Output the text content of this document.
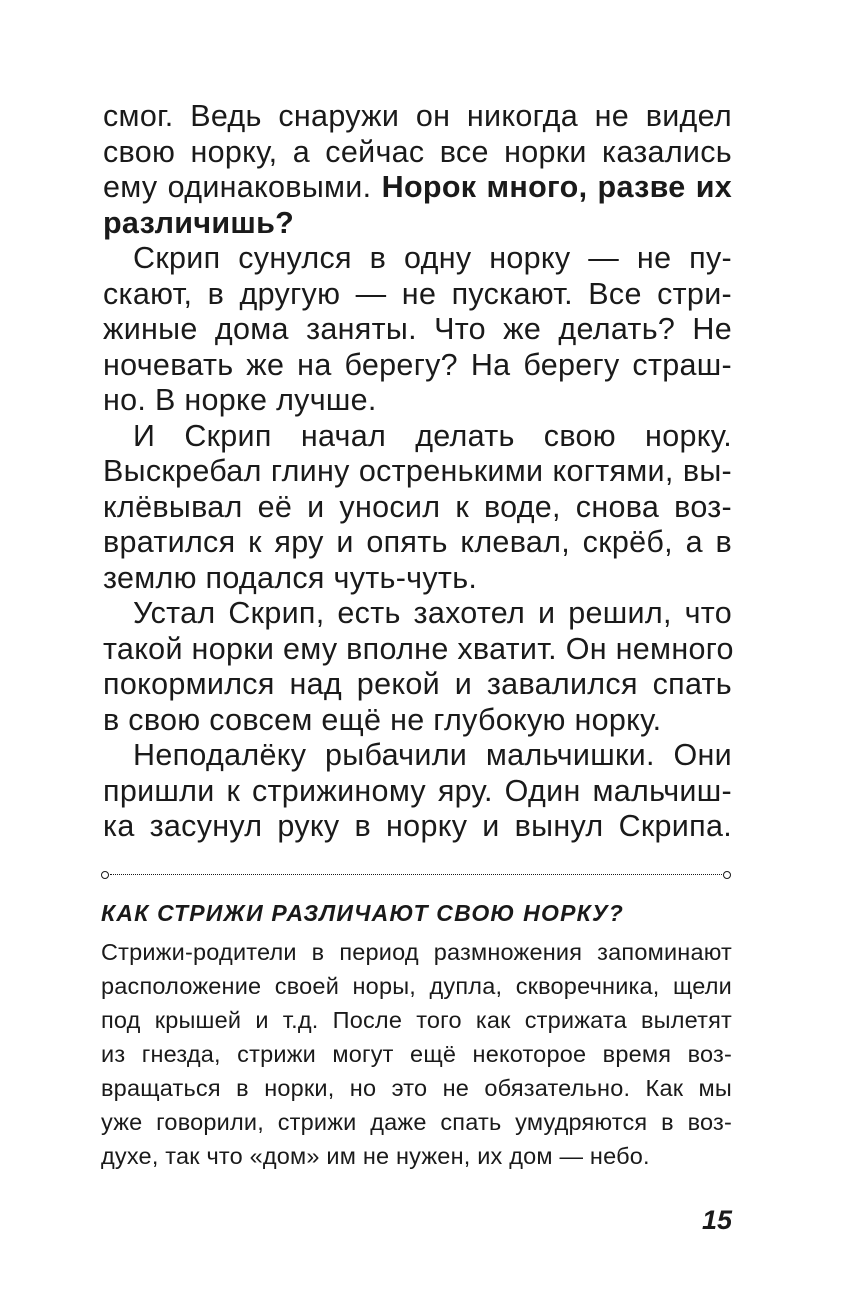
смог. Ведь снаружи он никогда не видел
свою норку, а сейчас все норки казались
ему одинаковыми. Норок много, разве их
различишь?
Скрип сунулся в одну норку — не пу-
скают, в другую — не пускают. Все стри-
жиные дома заняты. Что же делать? Не
ночевать же на берегу? На берегу страш-
но. В норке лучше.
И Скрип начал делать свою норку.
Выскребал глину остренькими когтями, вы-
клёвывал её и уносил к воде, снова воз-
вратился к яру и опять клевал, скрёб, а в
землю подался чуть-чуть.
Устал Скрип, есть захотел и решил, что
такой норки ему вполне хватит. Он немного
покормился над рекой и завалился спать
в свою совсем ещё не глубокую норку.
Неподалёку рыбачили мальчишки. Они
пришли к стрижиному яру. Один мальчиш-
ка засунул руку в норку и вынул Скрипа.
КАК СТРИЖИ РАЗЛИЧАЮТ СВОЮ НОРКУ?
Стрижи-родители в период размножения запоминают
расположение своей норы, дупла, скворечника, щели
под крышей и т.д. После того как стрижата вылетят
из гнезда, стрижи могут ещё некоторое время воз-
вращаться в норки, но это не обязательно. Как мы
уже говорили, стрижи даже спать умудряются в воз-
духе, так что «дом» им не нужен, их дом — небо.
15
